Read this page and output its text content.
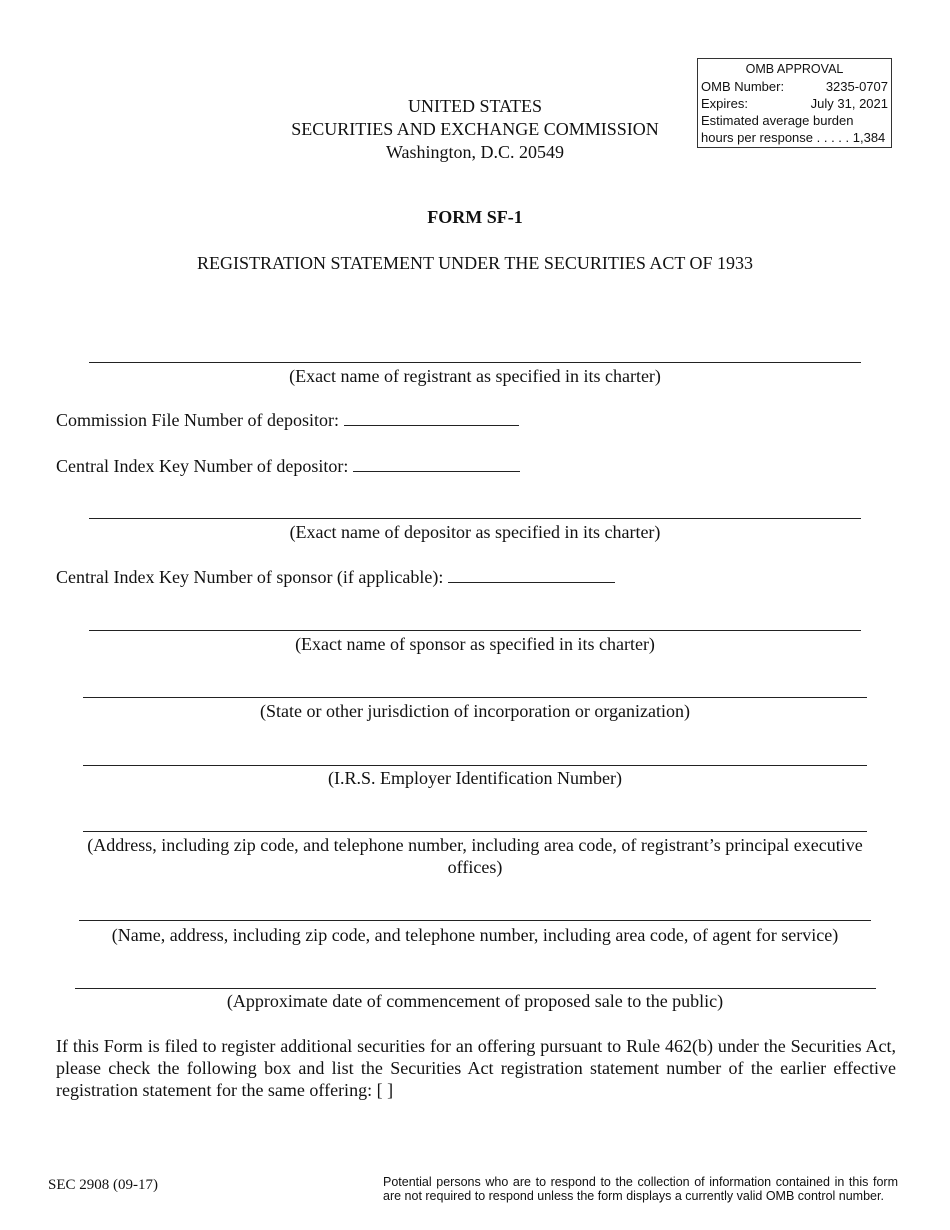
OMB APPROVAL
OMB Number:	3235-0707
Expires:	July 31, 2021
Estimated average burden
hours per response . . . . . 1,384
UNITED STATES
SECURITIES AND EXCHANGE COMMISSION
Washington, D.C. 20549
FORM SF-1
REGISTRATION STATEMENT UNDER THE SECURITIES ACT OF 1933
(Exact name of registrant as specified in its charter)
Commission File Number of depositor:
Central Index Key Number of depositor:
(Exact name of depositor as specified in its charter)
Central Index Key Number of sponsor (if applicable):
(Exact name of sponsor as specified in its charter)
(State or other jurisdiction of incorporation or organization)
(I.R.S. Employer Identification Number)
(Address, including zip code, and telephone number, including area code, of registrant’s principal executive
offices)
(Name, address, including zip code, and telephone number, including area code, of agent for service)
(Approximate date of commencement of proposed sale to the public)
If this Form is filed to register additional securities for an offering pursuant to Rule 462(b) under the Securities Act, please check the following box and list the Securities Act registration statement number of the earlier effective registration statement for the same offering: [ ]
SEC 2908 (09-17)	Potential persons who are to respond to the collection of information contained in this form are not required to respond unless the form displays a currently valid OMB control number.
